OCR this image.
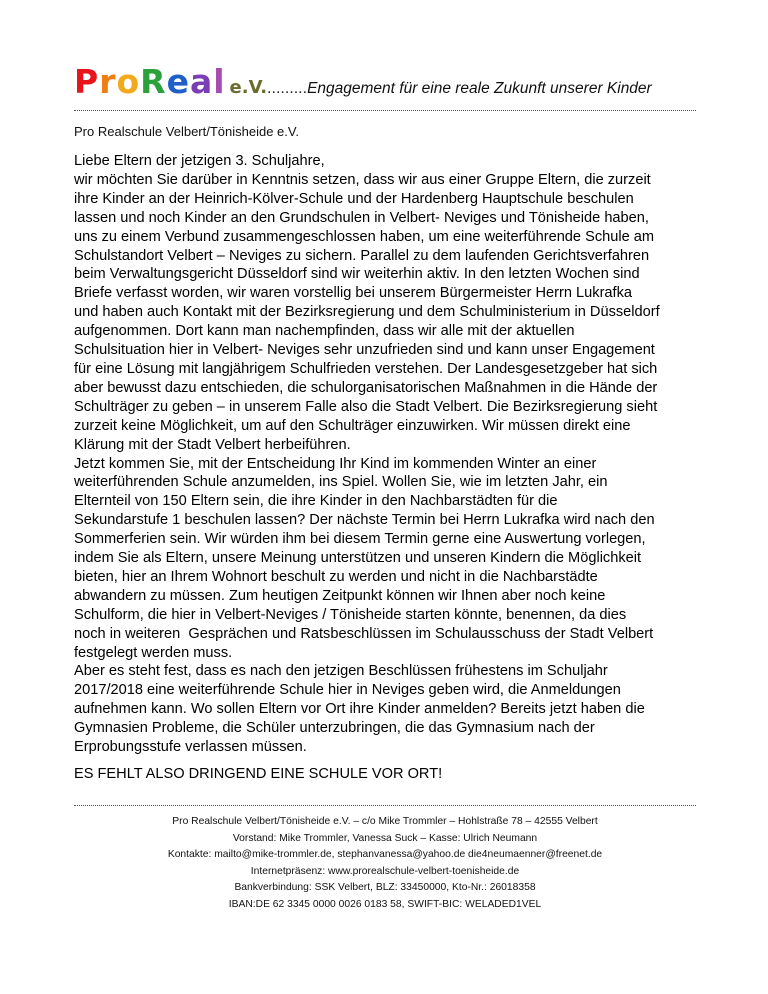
ProReal e.V..........Engagement für eine reale Zukunft unserer Kinder
Pro Realschule Velbert/Tönisheide e.V.
Liebe Eltern der jetzigen 3. Schuljahre,
wir möchten Sie darüber in Kenntnis setzen, dass wir aus einer Gruppe Eltern, die zurzeit
ihre Kinder an der Heinrich-Kölver-Schule und der Hardenberg Hauptschule beschulen
lassen und noch Kinder an den Grundschulen in Velbert- Neviges und Tönisheide haben,
uns zu einem Verbund zusammengeschlossen haben, um eine weiterführende Schule am
Schulstandort Velbert – Neviges zu sichern. Parallel zu dem laufenden Gerichtsverfahren
beim Verwaltungsgericht Düsseldorf sind wir weiterhin aktiv. In den letzten Wochen sind
Briefe verfasst worden, wir waren vorstellig bei unserem Bürgermeister Herrn Lukrafka
und haben auch Kontakt mit der Bezirksregierung und dem Schulministerium in Düsseldorf
aufgenommen. Dort kann man nachempfinden, dass wir alle mit der aktuellen
Schulsituation hier in Velbert- Neviges sehr unzufrieden sind und kann unser Engagement
für eine Lösung mit langjährigem Schulfrieden verstehen. Der Landesgesetzgeber hat sich
aber bewusst dazu entschieden, die schulorganisatorischen Maßnahmen in die Hände der
Schulträger zu geben – in unserem Falle also die Stadt Velbert. Die Bezirksregierung sieht
zurzeit keine Möglichkeit, um auf den Schulträger einzuwirken. Wir müssen direkt eine
Klärung mit der Stadt Velbert herbeiführen.
Jetzt kommen Sie, mit der Entscheidung Ihr Kind im kommenden Winter an einer
weiterführenden Schule anzumelden, ins Spiel. Wollen Sie, wie im letzten Jahr, ein
Elternteil von 150 Eltern sein, die ihre Kinder in den Nachbarstädten für die
Sekundarstufe 1 beschulen lassen? Der nächste Termin bei Herrn Lukrafka wird nach den
Sommerferien sein. Wir würden ihm bei diesem Termin gerne eine Auswertung vorlegen,
indem Sie als Eltern, unsere Meinung unterstützen und unseren Kindern die Möglichkeit
bieten, hier an Ihrem Wohnort beschult zu werden und nicht in die Nachbarstädte
abwandern zu müssen. Zum heutigen Zeitpunkt können wir Ihnen aber noch keine
Schulform, die hier in Velbert-Neviges / Tönisheide starten könnte, benennen, da dies
noch in weiteren  Gesprächen und Ratsbeschlüssen im Schulausschuss der Stadt Velbert
festgelegt werden muss.
Aber es steht fest, dass es nach den jetzigen Beschlüssen frühestens im Schuljahr
2017/2018 eine weiterführende Schule hier in Neviges geben wird, die Anmeldungen
aufnehmen kann. Wo sollen Eltern vor Ort ihre Kinder anmelden? Bereits jetzt haben die
Gymnasien Probleme, die Schüler unterzubringen, die das Gymnasium nach der
Erprobungsstufe verlassen müssen.
ES FEHLT ALSO DRINGEND EINE SCHULE VOR ORT!
Pro Realschule Velbert/Tönisheide e.V. – c/o Mike Trommler – Hohlstraße 78 – 42555 Velbert
Vorstand: Mike Trommler, Vanessa Suck – Kasse: Ulrich Neumann
Kontakte: mailto@mike-trommler.de, stephanvanessa@yahoo.de die4neumaenner@freenet.de
Internetpräsenz: www.prorealschule-velbert-toenisheide.de
Bankverbindung: SSK Velbert, BLZ: 33450000, Kto-Nr.: 26018358
IBAN:DE 62 3345 0000 0026 0183 58, SWIFT-BIC: WELADED1VEL
